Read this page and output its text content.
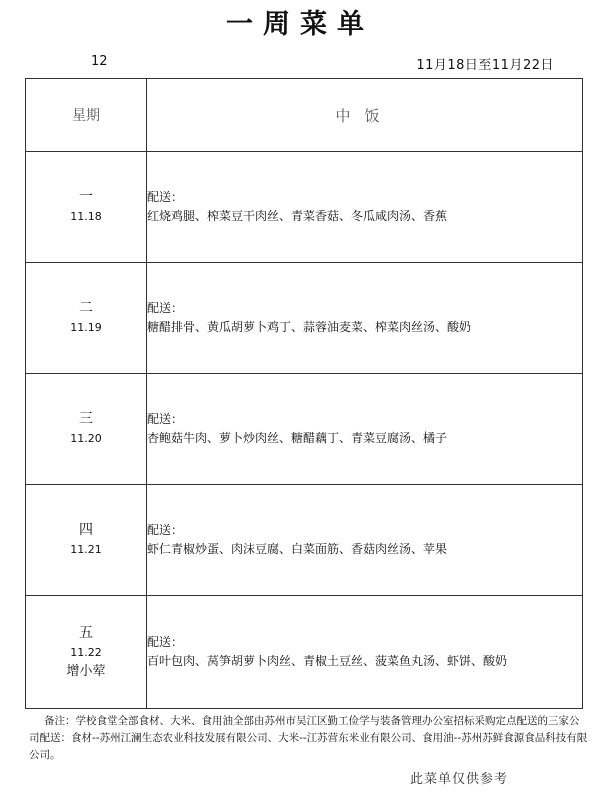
一周菜单
12	11月18日至11月22日
星期	中饭

一
11.18	配送：
红烧鸡腿、榨菜豆干肉丝、青菜香菇、冬瓜咸肉汤、香蕉

二
11.19	配送：
糖醋排骨、黄瓜胡萝卜鸡丁、蒜蓉油麦菜、榨菜肉丝汤、酸奶

三
11.20	配送：
杏鲍菇牛肉、萝卜炒肉丝、糖醋藕丁、青菜豆腐汤、橘子

四
11.21	配送：
虾仁青椒炒蛋、肉沫豆腐、白菜面筋、香菇肉丝汤、苹果

五
11.22
增小荤	配送：
百叶包肉、莴笋胡萝卜肉丝、青椒土豆丝、菠菜鱼丸汤、虾饼、酸奶
备注：学校食堂全部食材、大米、食用油全部由苏州市吴江区勤工俭学与装备管理办公室招标采购定点配送的三家公司配送：食材--苏州江澜生态农业科技发展有限公司、大米--江苏营东米业有限公司、食用油--苏州苏鲜食源食品科技有限公司。
此菜单仅供参考
